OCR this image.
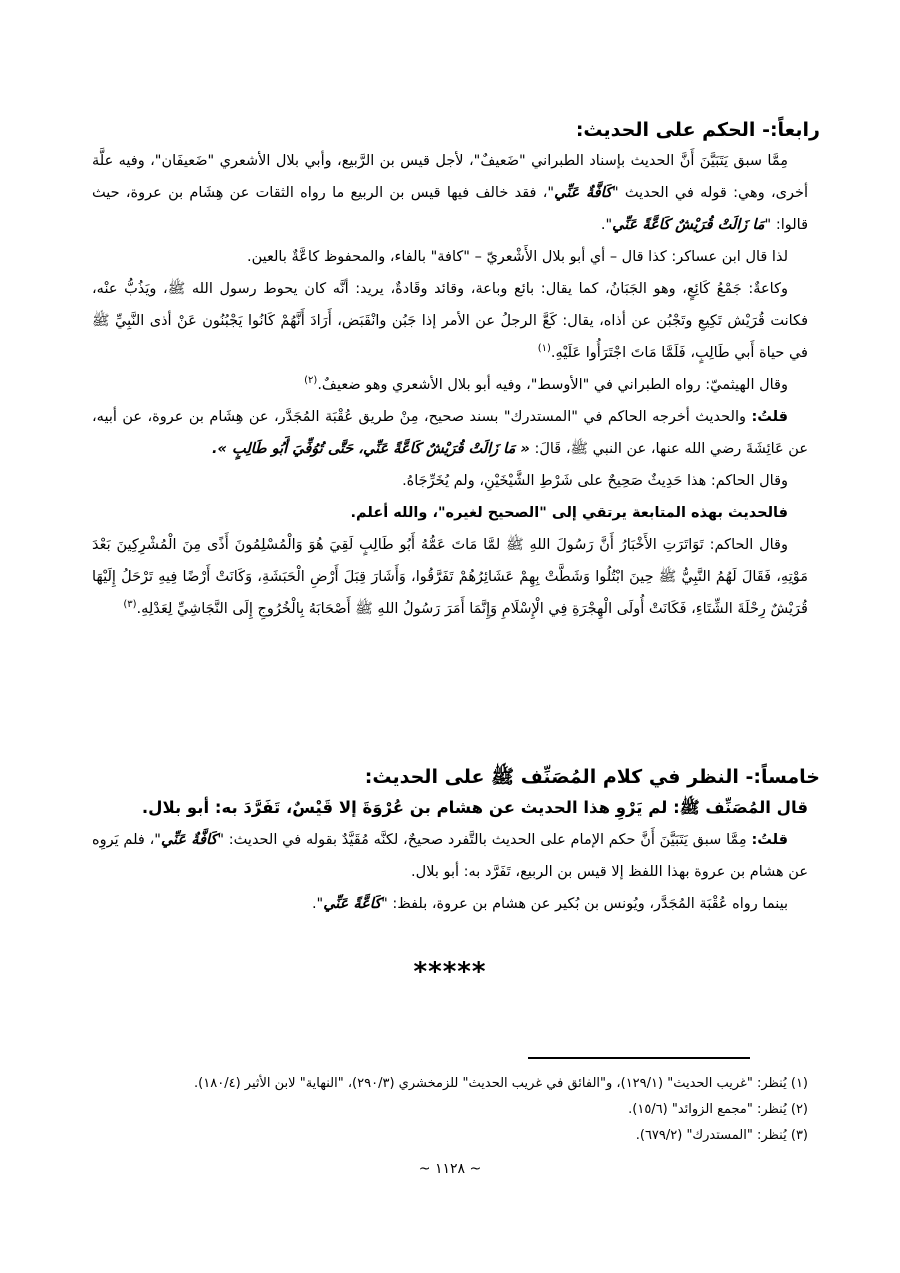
رابعاً:- الحكم على الحديث:

مِمَّا سبق يَتَبَيَّنَ أَنَّ الحديث بإسناد الطبراني "ضَعيفٌ"، لأجل قيس بن الرَّبيع، وأبي بلال الأشعري "ضَعيفَان"، وفيه علَّة أخرى، وهي: قوله في الحديث "كَافَّةٌ عَنِّي"، فقد خالف فيها قيس بن الربيع ما رواه الثقات عن هِشَام بن عروة، حيث قالوا: "مَا زَالَتْ قُرَيْشٌ كَاعَّةً عَنِّي".

لذا قال ابن عساكر: كذا قال – أي أبو بلال الأَشْعريّ – "كافة" بالفاء، والمحفوظ كاعَّةٌ بالعين.

وكاعةٌ: جَمْعُ كَائِعٍ، وهو الجَبَانُ، كما يقال: بائع وباعة، وقائد وقَادةٌ، يريد: أنَّه كان يحوط رسول الله ﷺ، ويَذُبُّ عنْه، فكانت قُرَيْش تَكِيعِ وتَجْبُن عن أذاه، يقال: كَعَّ الرجلُ عن الأمر إذا جَبُن وانْقَبَض، أَرَادَ أَنَّهُمْ كَانُوا يَجْبُنُون عَنْ أذى النَّبِيِّ ﷺ في حياة أَبي طَالِبٍ، فَلَمَّا مَاتَ اجْتَرَأُوا عَلَيْهِ.$^{(١)}$

وقال الهيثميّ: رواه الطبراني في "الأوسط"، وفيه أبو بلال الأشعري وهو ضعيفٌ.$^{(٢)}$

قلتُ: والحديث أخرجه الحاكم في "المستدرك" بسند صحيح، مِنْ طريق عُقْبَة المُجَدَّر، عن هِشَام بن عروة، عن أبيه، عن عَائِشَةَ رضي الله عنها، عن النبي ﷺ، قَالَ: « مَا زَالَتْ قُرَيْشٌ كَاعَّةً عَنِّي، حَتَّى تُوُفِّيَ أَبُو طَالِبٍ ».

وقال الحاكم: هذا حَدِيثٌ صَحِيحٌ على شَرْطِ الشَّيْخَيْنِ، ولم يُخَرِّجَاهُ.

فالحديث بهذه المتابعة يرتقي إلى "الصحيح لغيره"، والله أعلم.

وقال الحاكم: تَوَاتَرَتِ الأَخْبَارُ أَنَّ رَسُولَ اللهِ ﷺ لمَّا مَاتَ عَمُّهُ أَبُو طَالِبٍ لَقِيَ هُوَ وَالْمُسْلِمُونَ أَذًى مِنَ الْمُشْرِكِينَ بَعْدَ مَوْتِهِ، فَقَالَ لَهُمُ النَّبِيُّ ﷺ حِينَ ابْتُلُوا وَشَطَّتْ بِهِمْ عَشَائِرُهُمْ تَفَرَّقُوا، وَأَشَارَ قِبَلَ أَرْضِ الْحَبَشَةِ، وَكَانَتْ أَرْضًا فِيهِ تَرْحَلُ إِلَيْهَا قُرَيْشٌ رِحْلَةَ الشِّتَاءِ، فَكَانَتْ أُولَى الْهِجْرَةِ فِي الْإِسْلَامِ وَإِنَّمَا أَمَرَ رَسُولُ اللهِ ﷺ أَصْحَابَهُ بِالْخُرُوجِ إِلَى النَّجَاشِيِّ لِعَدْلِهِ.$^{(٣)}$

خامساً:- النظر في كلام المُصَنِّف ﷺ على الحديث:

قال المُصَنِّف ﷺ: لم يَرْوِ هذا الحديث عن هشام بن عُرْوَةَ إلا قَيْسٌ، تَفَرَّدَ به: أبو بلال.

قلتُ: مِمَّا سبق يَتَبَيَّنَ أَنَّ حكم الإمام على الحديث بالتَّفرد صحيحٌ، لكنَّه مُقَيَّدٌ بقوله في الحديث: "كَافَّةٌ عَنِّي"، فلم يَروِه عن هشام بن عروة بهذا اللفظ إلا قيس بن الربيع، تَفَرَّد به: أبو بلال.

بينما رواه عُقْبَة المُجَدَّر، ويُونس بن بُكير عن هشام بن عروة، بلفظ: "كَاعَّةً عَنِّي".

*****

(١) يُنظر: "غريب الحديث" (١٢٩/١)، و"الفائق في غريب الحديث" للزمخشري (٢٩٠/٣)، "النهاية" لابن الأثير (١٨٠/٤).

(٢) يُنظر: "مجمع الزوائد" (١٥/٦).

(٣) يُنظر: "المستدرك" (٦٧٩/٢).

~ ١١٢٨ ~
